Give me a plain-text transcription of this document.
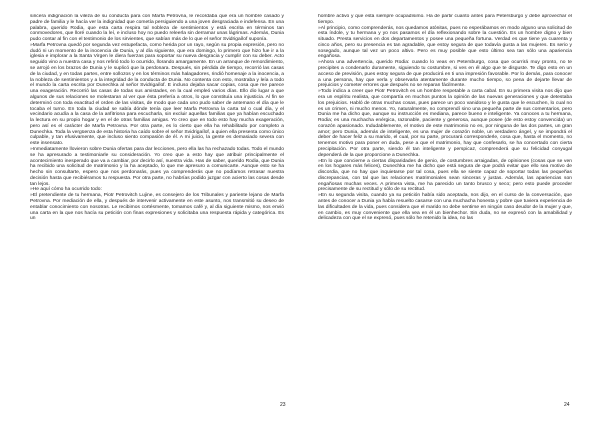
sincera indignación la vileza de su conducta para con Marfa Petrovna, le recordaba que era un hombre casado y padre de familia y le hacía ver la indignidad que cometía persiguiendo a una joven desgraciada e indefensa. En una palabra, querido Rodia, que esta carta respira tal nobleza de sentimientos y está escrita en términos tan conmovedores, que lloré cuando la leí, e incluso hoy no puedo releerla sin derramar unas lágrimas. Además, Dunia pudo contar al fin con el testimonio de los sirvientes, que sabían más de lo que el señor Svidrigaílof suponía.

»Marfa Petrovna quedó por segunda vez estupefacta, como herida por un rayo, según su propia expresión, pero no dudó ni un momento de la inocencia de Dunia, y al día siguiente, que era domingo, lo primero que hizo fue ir a la iglesia e implorar a la Santa Virgen le diera fuerzas para soportar su nueva desgracia y cumplir con su deber. Acto seguido vino a nuestra casa y nos refirió todo lo ocurrido, llorando amargamente. En un arranque de remordimiento, se arrojó en los brazos de Dunia y le suplicó que la perdonara. Después, sin pérdida de tiempo, recorrió las casas de la ciudad, y en todas partes, entre sollozos y en los términos más halagadores, rindió homenaje a la inocencia, a la nobleza de sentimientos y a la integridad de la conducta de Dunia. No contenta con esto, mostraba y leía a todo el mundo la carta escrita por Dunechka al señor Svidrigaílof. E incluso dejaba sacar copias, cosa que me parece una exageración. Recorrió las casas de todas sus amistades, en la cual empleó varios días. Ello dio lugar a que algunos de sus relaciones se molestaran al ver que ésta prefería a otros, lo que constituía una injusticia. Al fin se determinó con toda exactitud el orden de las visitas, de modo que cada uno pudo saber de antemano el día que le tocaba el turno. En toda la ciudad se sabía dónde tenía que leer Marfa Petrovna la carta tal o cual día, y el vecindario acudía a la casa de la anfitriona para escucharla, sin excluir aquellas familias que ya habían escuchado la lectura en su propio hogar y en el de otras familias amigas. Yo creo que en todo esto hay mucha exageración, pero así es el carácter de Marfa Petrovna. Por otra parte, es lo cierto que ella ha rehabilitado por completo a Dunechka. Toda la vergüenza de esta historia ha caído sobre el señor Svidrigaílof, a quien ella presenta como único culpable, y tan efusivamente, que incluso siento compasión de él. A mi juicio, la gente es demasiado severa con este insensato.

»Inmediatamente llovieron sobre Dunia ofertas para dar lecciones, pero ella las ha rechazado todas. Todo el mundo se ha apresurado a testimoniarle su consideración. Yo creo que a esto hay que atribuir principalmente el acontecimiento inesperado que va a cambiar, por decirlo así, nuestra vida. Has de saber, querido Rodia, que Dunia ha recibido una solicitud de matrimonio y la ha aceptado, lo que me apresuro a comunicarte. Aunque esto se ha hecho sin consultarte, espero que nos perdonarás, pues ya comprenderás que no podíamos retrasar nuestra decisión hasta que recibiéramos tu respuesta. Por otra parte, no habrías podido juzgar con acierto las cosas desde tan lejos.

»He aquí cómo ha ocurrido todo:

»El pretendiente de tu hermana, Piotr Petrovitch Lujine, es consejero de los Tribunales y pariente lejano de Marfa Petrovna. Por mediación de ella, y después de intervenir activamente en este asunto, nos transmitió su deseo de entablar conocimiento con nosotras. Le recibimos cortésmente, tomamos café y, al día siguiente mismo, nos envió una carta en la que nos hacía su petición con finas expresiones y solicitaba una respuesta rápida y categórica. Es un

23

hombre activo y que está siempre ocupadísimo. Ha de partir cuanto antes para Petersburgo y debe aprovechar el tiempo.

»Al principio, como comprenderás, nos quedamos atónitas, pues no esperábamos en modo alguno una solicitud de esta índole, y tu hermana y yo nos pasamos el día reflexionando sobre la cuestión. Es un hombre digno y bien situado. Presta servicios en dos departamentos y posee una pequeña fortuna. Verdad es que tiene ya cuarenta y cinco años, pero su presencia es tan agradable, que estoy segura de que todavía gusta a las mujeres. Es serio y sosegado, aunque tal vez un poco altivo. Pero es muy posible que esto último sea tan sólo una apariencia engañosa.

»Ahora una advertencia, querido Rodia: cuando lo veas en Petersburgo, cosa que ocurrirá muy pronto, no te precipites a condenarlo duramente, siguiendo tu costumbre, si ves en él algo que te disguste. Te digo esto en un acceso de previsión, pues estoy segura de que producirá en ti una impresión favorable. Por lo demás, para conocer a una persona, hay que verla y observarla atentamente durante mucho tiempo, so pena de dejarte llevar de prejuicios y cometer errores que después no se reparan fácilmente.

»Todo indica a creer que Piotr Petrovitch es un hombre respetable a carta cabal. En su primera visita nos dijo que era un espíritu realista, que compartía en muchos puntos la opinión de las nuevas generaciones y que detestaba los prejuicios. Habló de otras muchas cosas, pues parece un poco vanidoso y le gusta que le escuchen, lo cual no es un crimen, ni mucho menos. Yo, naturalmente, no comprendí sino una pequeña parte de sus comentarios, pero Dunia me ha dicho que, aunque su instrucción es mediana, parece bueno e inteligente. Ya conoces a tu hermana, Rodia; es una muchacha enérgica, razonable, paciente y generosa, aunque posee (de esto estoy convencida) un corazón apasionado. Indudablemente, el motivo de este matrimonio no es, por ninguna de las dos partes, un gran amor; pero Dunia, además de inteligente, es una mujer de corazón noble, un verdadero ángel, y se impondrá el deber de hacer feliz a su marido, el cual, por su parte, procurará corresponderle, cosa que, hasta el momento, no tenemos motivo para poner en duda, pese a que el matrimonio, hay que confesarlo, se ha concertado con cierta precipitación. Por otra parte, siendo él tan inteligente y perspicaz, comprenderá que su felicidad conyugal dependerá de la que proporcione a Dunechka.

»En lo que concierne a ciertas disparidades de genio, de costumbres arraigadas, de opiniones (cosas que se ven en los hogares más felices), Dunechka me ha dicho que está segura de que podrá evitar que ello sea motivo de discordia, que no hay que inquietarse por tal cosa, pues ella se siente capaz de soportar todas las pequeñas discrepancias, con tal que las relaciones matrimoniales sean sinceras y justas. Además, las apariencias son engañosas muchas veces. A primera vista, me ha parecido un tanto brusco y seco; pero esto puede proceder precisamente de su rectitud y sólo de su rectitud.

»En su segunda visita, cuando ya su petición había sido aceptada, nos dijo, en el curso de la conversación, que antes de conocer a Dunia ya había resuelto casarse con una muchacha honesta y pobre que tuviera experiencia de las dificultades de la vida, pues considera que el marido no debe sentirse en ningún caso deudor de la mujer y que, en cambio, es muy conveniente que ella vea en él un bienhechor. Sin duda, no se expresó con la amabilidad y delicadeza con que el se expresó, pues sólo he retenido la idea, no las

24
